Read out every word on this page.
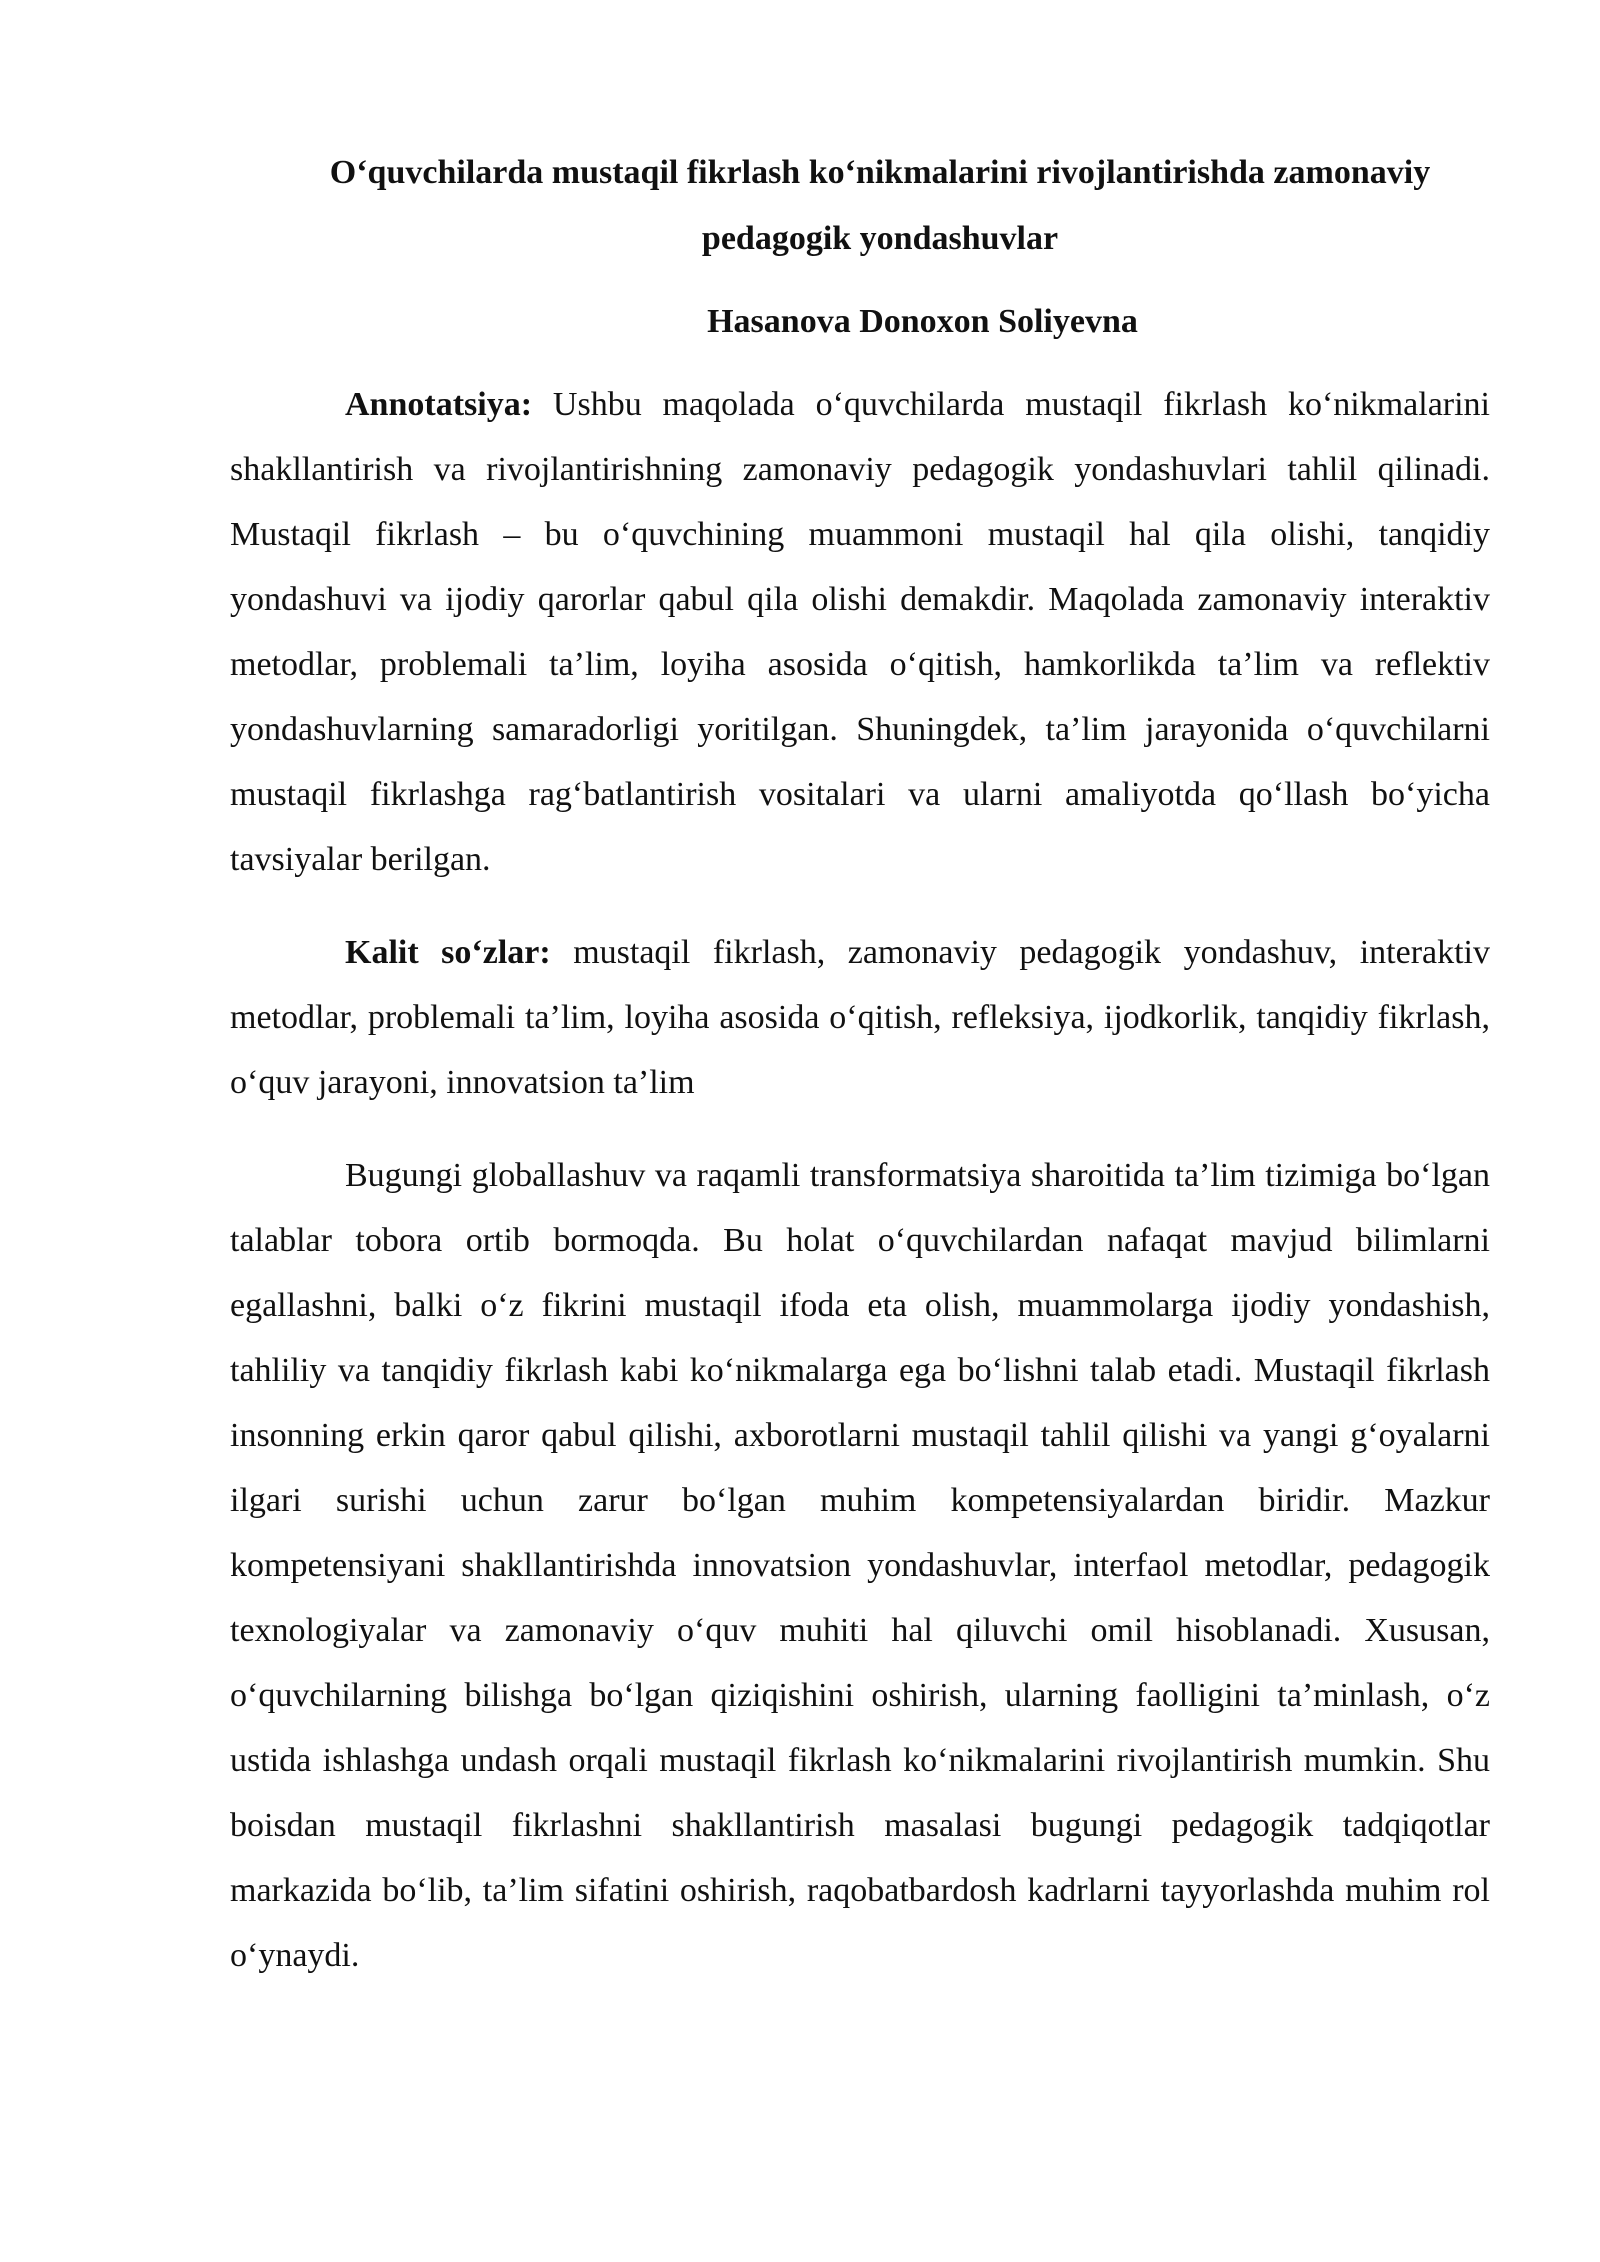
O‘quvchilarda mustaqil fikrlash ko‘nikmalarini rivojlantirishda zamonaviy pedagogik yondashuvlar

Hasanova Donoxon Soliyevna

Annotatsiya: Ushbu maqolada o‘quvchilarda mustaqil fikrlash ko‘nikmalarini shakllantirish va rivojlantirishning zamonaviy pedagogik yondashuvlari tahlil qilinadi. Mustaqil fikrlash – bu o‘quvchining muammoni mustaqil hal qila olishi, tanqidiy yondashuvi va ijodiy qarorlar qabul qila olishi demakdir. Maqolada zamonaviy interaktiv metodlar, problemali ta’lim, loyiha asosida o‘qitish, hamkorlikda ta’lim va reflektiv yondashuvlarning samaradorligi yoritilgan. Shuningdek, ta’lim jarayonida o‘quvchilarni mustaqil fikrlashga rag‘batlantirish vositalari va ularni amaliyotda qo‘llash bo‘yicha tavsiyalar berilgan.

Kalit so‘zlar: mustaqil fikrlash, zamonaviy pedagogik yondashuv, interaktiv metodlar, problemali ta’lim, loyiha asosida o‘qitish, refleksiya, ijodkorlik, tanqidiy fikrlash, o‘quv jarayoni, innovatsion ta’lim

Bugungi globallashuv va raqamli transformatsiya sharoitida ta’lim tizimiga bo‘lgan talablar tobora ortib bormoqda. Bu holat o‘quvchilardan nafaqat mavjud bilimlarni egallashni, balki o‘z fikrini mustaqil ifoda eta olish, muammolarga ijodiy yondashish, tahliliy va tanqidiy fikrlash kabi ko‘nikmalarga ega bo‘lishni talab etadi. Mustaqil fikrlash insonning erkin qaror qabul qilishi, axborotlarni mustaqil tahlil qilishi va yangi g‘oyalarni ilgari surishi uchun zarur bo‘lgan muhim kompetensiyalardan biridir. Mazkur kompetensiyani shakllantirishda innovatsion yondashuvlar, interfaol metodlar, pedagogik texnologiyalar va zamonaviy o‘quv muhiti hal qiluvchi omil hisoblanadi. Xususan, o‘quvchilarning bilishga bo‘lgan qiziqishini oshirish, ularning faolligini ta’minlash, o‘z ustida ishlashga undash orqali mustaqil fikrlash ko‘nikmalarini rivojlantirish mumkin. Shu boisdan mustaqil fikrlashni shakllantirish masalasi bugungi pedagogik tadqiqotlar markazida bo‘lib, ta’lim sifatini oshirish, raqobatbardosh kadrlarni tayyorlashda muhim rol o‘ynaydi.
